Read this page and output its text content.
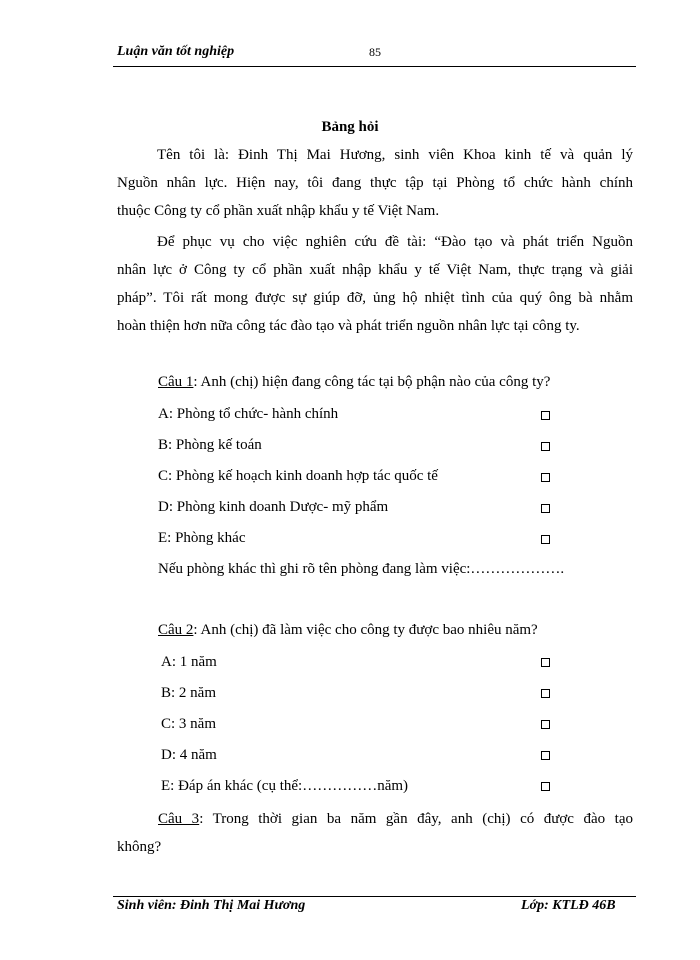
Luận văn tốt nghiệp	85
Bảng hỏi
Tên tôi là: Đinh Thị Mai Hương, sinh viên Khoa kinh tế và quản lý
Nguồn nhân lực. Hiện nay, tôi đang thực tập tại Phòng tổ chức hành chính
thuộc Công ty cổ phần xuất nhập khẩu y tế Việt Nam.
Để phục vụ cho việc nghiên cứu đề tài: “Đào tạo và phát triển Nguồn
nhân lực ở Công ty cổ phần xuất nhập khẩu y tế Việt Nam, thực trạng và giải
pháp”. Tôi rất mong được sự giúp đỡ, ủng hộ nhiệt tình của quý ông bà nhằm
hoàn thiện hơn nữa công tác đào tạo và phát triển nguồn nhân lực tại công ty.
Câu 1: Anh (chị) hiện đang công tác tại bộ phận nào của công ty?
A: Phòng tổ chức- hành chính
B: Phòng kế toán
C: Phòng kế hoạch kinh doanh hợp tác quốc tế
D: Phòng kinh doanh Dược- mỹ phẩm
E: Phòng khác
Nếu phòng khác thì ghi rõ tên phòng đang làm việc:……………….
Câu 2: Anh (chị) đã làm việc cho công ty được bao nhiêu năm?
A: 1 năm
B: 2 năm
C: 3 năm
D: 4 năm
E: Đáp án khác (cụ thể:……………năm)
Câu 3: Trong thời gian ba năm gần đây, anh (chị) có được đào tạo
không?
Sinh viên: Đinh Thị Mai Hương	Lớp: KTLĐ 46B
